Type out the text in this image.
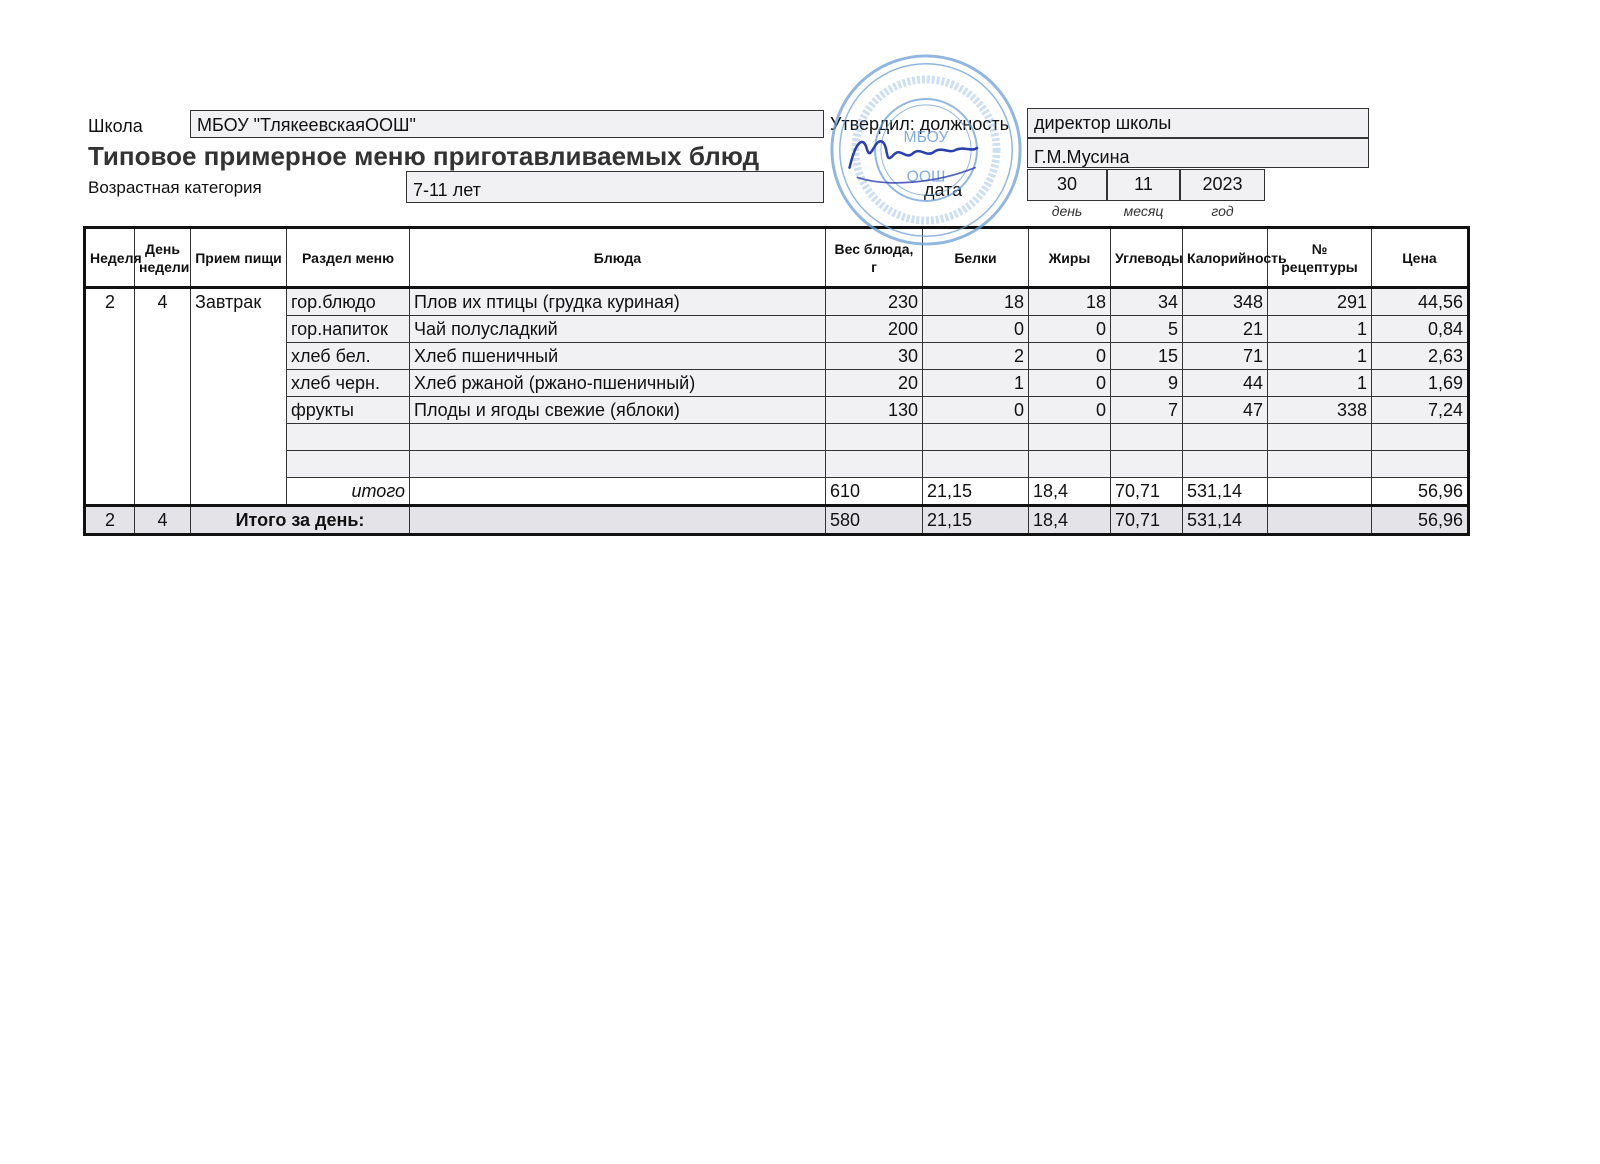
Школа	МБОУ "ТлякеевскаяООШ"	Утвердил: должность	директор школы
Типовое примерное меню приготавливаемых блюд	Г.М.Мусина
Возрастная категория	7-11 лет	дата	30	11	2023
день	месяц	год
Неделя	День недели	Прием пищи	Раздел меню	Блюда	Вес блюда, г	Белки	Жиры	Углеводы	Калорийность	№ рецептуры	Цена
2	4	Завтрак	гор.блюдо	Плов их птицы (грудка куриная)	230	18	18	34	348	291	44,56
			гор.напиток	Чай полусладкий	200	0	0	5	21	1	0,84
			хлеб бел.	Хлеб пшеничный	30	2	0	15	71	1	2,63
			хлеб черн.	Хлеб ржаной (ржано-пшеничный)	20	1	0	9	44	1	1,69
			фрукты	Плоды и ягоды свежие (яблоки)	130	0	0	7	47	338	7,24

			итого		610	21,15	18,4	70,71	531,14		56,96
2	4	Итого за день:			580	21,15	18,4	70,71	531,14		56,96
МБОУ
ООШ
